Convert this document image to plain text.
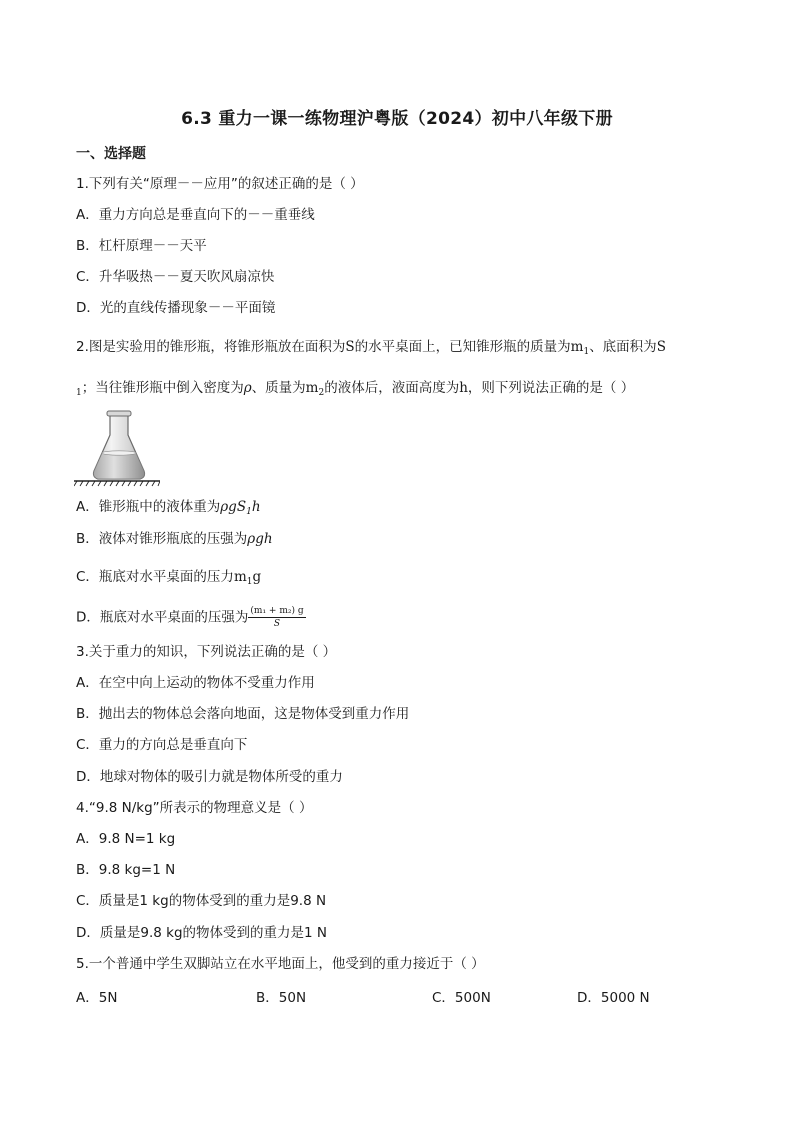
6.3 重力一课一练物理沪粤版（2024）初中八年级下册
一、选择题
1.下列有关“原理－－应用”的叙述正确的是（ ）
A．重力方向总是垂直向下的－－重垂线
B．杠杆原理－－天平
C．升华吸热－－夏天吹风扇凉快
D．光的直线传播现象－－平面镜
2.图是实验用的锥形瓶，将锥形瓶放在面积为S的水平桌面上，已知锥形瓶的质量为$m_1$、底面积为S
$_1$；当往锥形瓶中倒入密度为ρ、质量为$m_2$的液体后，液面高度为h，则下列说法正确的是（ ）
A．锥形瓶中的液体重为ρgS$_1$h
B．液体对锥形瓶底的压强为ρgh
C．瓶底对水平桌面的压力$m_1g$
D．瓶底对水平桌面的压强为 $\frac{\text{(m₁ + m₂) g}}{S}$
3.关于重力的知识，下列说法正确的是（ ）
A．在空中向上运动的物体不受重力作用
B．抛出去的物体总会落向地面，这是物体受到重力作用
C．重力的方向总是垂直向下
D．地球对物体的吸引力就是物体所受的重力
4.“9.8 N/kg”所表示的物理意义是（ ）
A．9.8 N=1 kg
B．9.8 kg=1 N
C．质量是1 kg的物体受到的重力是9.8 N
D．质量是9.8 kg的物体受到的重力是1 N
5.一个普通中学生双脚站立在水平地面上，他受到的重力接近于（ ）
A．5N	B．50N	C．500N	D．5000 N
